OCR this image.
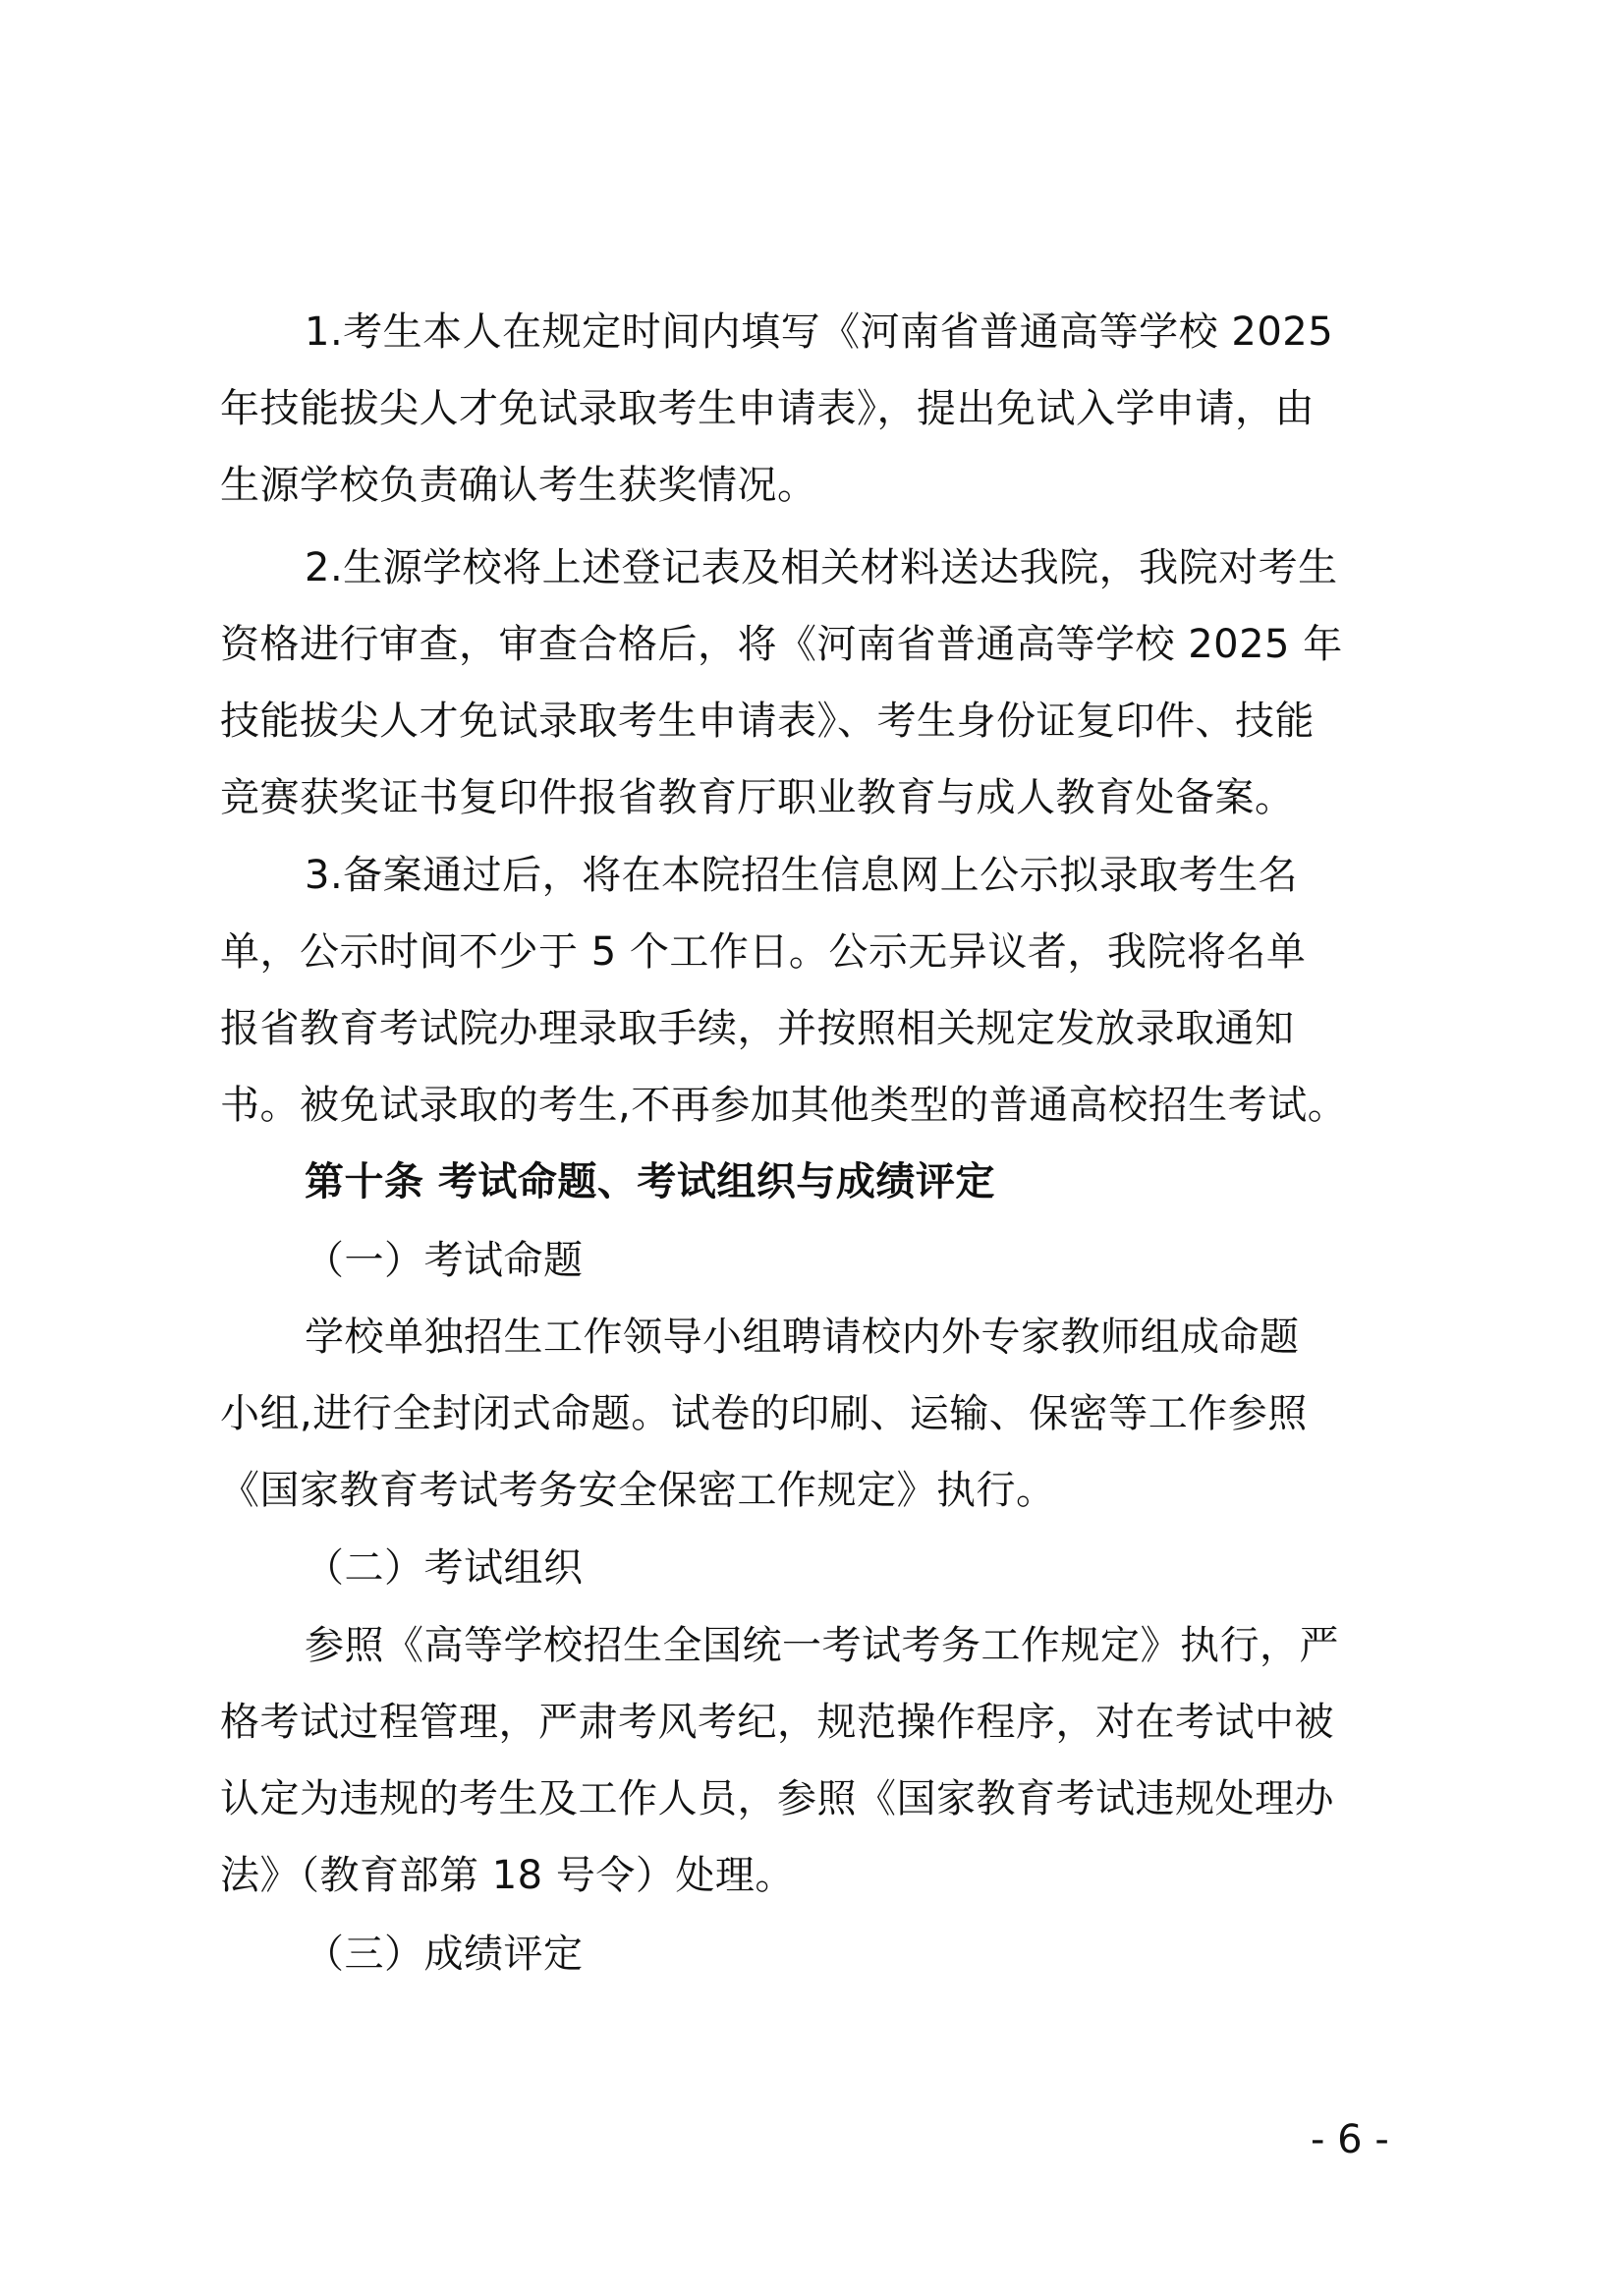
1.考生本人在规定时间内填写《河南省普通高等学校 2025
年技能拔尖人才免试录取考生申请表》，提出免试入学申请，由
生源学校负责确认考生获奖情况。
2.生源学校将上述登记表及相关材料送达我院，我院对考生
资格进行审查，审查合格后，将《河南省普通高等学校 2025 年
技能拔尖人才免试录取考生申请表》、考生身份证复印件、技能
竞赛获奖证书复印件报省教育厅职业教育与成人教育处备案。
3.备案通过后，将在本院招生信息网上公示拟录取考生名
单，公示时间不少于 5 个工作日。公示无异议者，我院将名单
报省教育考试院办理录取手续，并按照相关规定发放录取通知
书。被免试录取的考生,不再参加其他类型的普通高校招生考试。
第十条 考试命题、考试组织与成绩评定
（一）考试命题
学校单独招生工作领导小组聘请校内外专家教师组成命题
小组,进行全封闭式命题。试卷的印刷、运输、保密等工作参照
《国家教育考试考务安全保密工作规定》执行。
（二）考试组织
参照《高等学校招生全国统一考试考务工作规定》执行，严
格考试过程管理，严肃考风考纪，规范操作程序，对在考试中被
认定为违规的考生及工作人员，参照《国家教育考试违规处理办
法》（教育部第 18 号令）处理。
（三）成绩评定
- 6 -
